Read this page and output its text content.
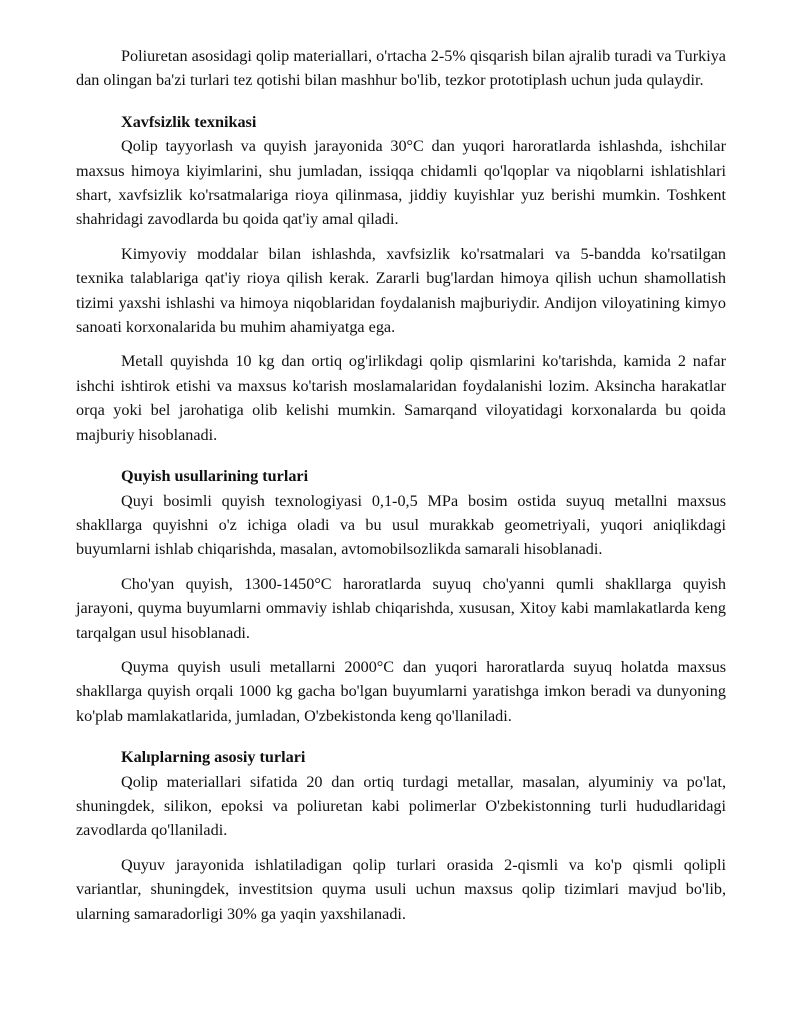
Poliuretan asosidagi qolip materiallari, o'rtacha 2-5% qisqarish bilan ajralib turadi va Turkiya dan olingan ba'zi turlari tez qotishi bilan mashhur bo'lib, tezkor prototiplash uchun juda qulaydir.

Xavfsizlik texnikasi

Qolip tayyorlash va quyish jarayonida 30°C dan yuqori haroratlarda ishlashda, ishchilar maxsus himoya kiyimlarini, shu jumladan, issiqqa chidamli qo'lqoplar va niqoblarni ishlatishlari shart, xavfsizlik ko'rsatmalariga rioya qilinmasa, jiddiy kuyishlar yuz berishi mumkin. Toshkent shahridagi zavodlarda bu qoida qat'iy amal qiladi.

Kimyoviy moddalar bilan ishlashda, xavfsizlik ko'rsatmalari va 5-bandda ko'rsatilgan texnika talablariga qat'iy rioya qilish kerak. Zararli bug'lardan himoya qilish uchun shamollatish tizimi yaxshi ishlashi va himoya niqoblaridan foydalanish majburiydir. Andijon viloyatining kimyo sanoati korxonalarida bu muhim ahamiyatga ega.

Metall quyishda 10 kg dan ortiq og'irlikdagi qolip qismlarini ko'tarishda, kamida 2 nafar ishchi ishtirok etishi va maxsus ko'tarish moslamalaridan foydalanishi lozim. Aksincha harakatlar orqa yoki bel jarohatiga olib kelishi mumkin. Samarqand viloyatidagi korxonalarda bu qoida majburiy hisoblanadi.

Quyish usullarining turlari

Quyi bosimli quyish texnologiyasi 0,1-0,5 MPa bosim ostida suyuq metallni maxsus shakllarga quyishni o'z ichiga oladi va bu usul murakkab geometriyali, yuqori aniqlikdagi buyumlarni ishlab chiqarishda, masalan, avtomobilsozlikda samarali hisoblanadi.

Cho'yan quyish, 1300-1450°C haroratlarda suyuq cho'yanni qumli shakllarga quyish jarayoni, quyma buyumlarni ommaviy ishlab chiqarishda, xususan, Xitoy kabi mamlakatlarda keng tarqalgan usul hisoblanadi.

Quyma quyish usuli metallarni 2000°C dan yuqori haroratlarda suyuq holatda maxsus shakllarga quyish orqali 1000 kg gacha bo'lgan buyumlarni yaratishga imkon beradi va dunyoning ko'plab mamlakatlarida, jumladan, O'zbekistonda keng qo'llaniladi.

Kalıplarning asosiy turlari

Qolip materiallari sifatida 20 dan ortiq turdagi metallar, masalan, alyuminiy va po'lat, shuningdek, silikon, epoksi va poliuretan kabi polimerlar O'zbekistonning turli hududlaridagi zavodlarda qo'llaniladi.

Quyuv jarayonida ishlatiladigan qolip turlari orasida 2-qismli va ko'p qismli qolipli variantlar, shuningdek, investitsion quyma usuli uchun maxsus qolip tizimlari mavjud bo'lib, ularning samaradorligi 30% ga yaqin yaxshilanadi.
